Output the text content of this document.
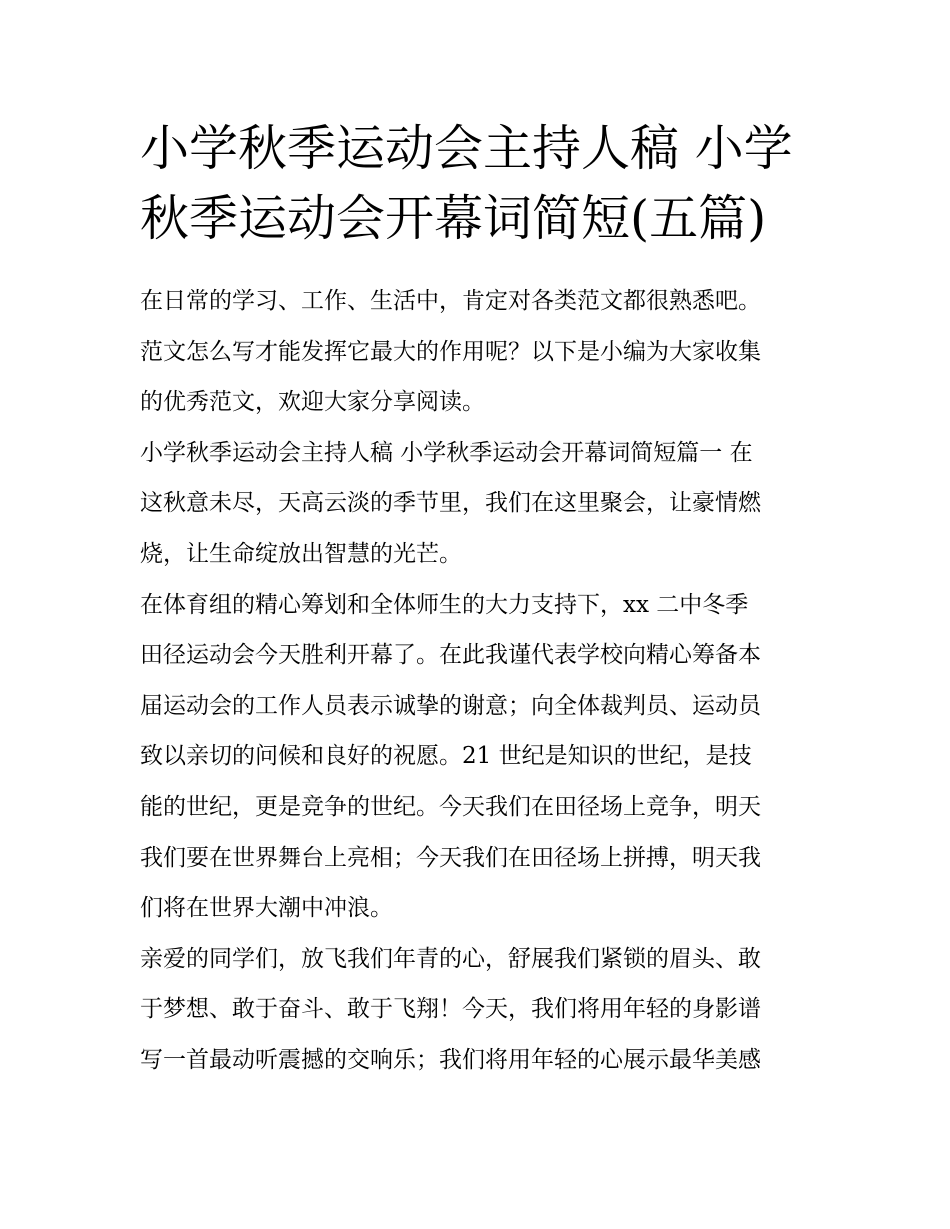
小学秋季运动会主持人稿 小学
秋季运动会开幕词简短(五篇)

在日常的学习、工作、生活中，肯定对各类范文都很熟悉吧。
范文怎么写才能发挥它最大的作用呢？以下是小编为大家收集
的优秀范文，欢迎大家分享阅读。

小学秋季运动会主持人稿 小学秋季运动会开幕词简短篇一 在
这秋意未尽，天高云淡的季节里，我们在这里聚会，让豪情燃
烧，让生命绽放出智慧的光芒。

在体育组的精心筹划和全体师生的大力支持下，xx 二中冬季
田径运动会今天胜利开幕了。在此我谨代表学校向精心筹备本
届运动会的工作人员表示诚挚的谢意；向全体裁判员、运动员
致以亲切的问候和良好的祝愿。21 世纪是知识的世纪，是技
能的世纪，更是竞争的世纪。今天我们在田径场上竞争，明天
我们要在世界舞台上亮相；今天我们在田径场上拼搏，明天我
们将在世界大潮中冲浪。

亲爱的同学们，放飞我们年青的心，舒展我们紧锁的眉头、敢
于梦想、敢于奋斗、敢于飞翔！今天，我们将用年轻的身影谱
写一首最动听震撼的交响乐；我们将用年轻的心展示最华美感
